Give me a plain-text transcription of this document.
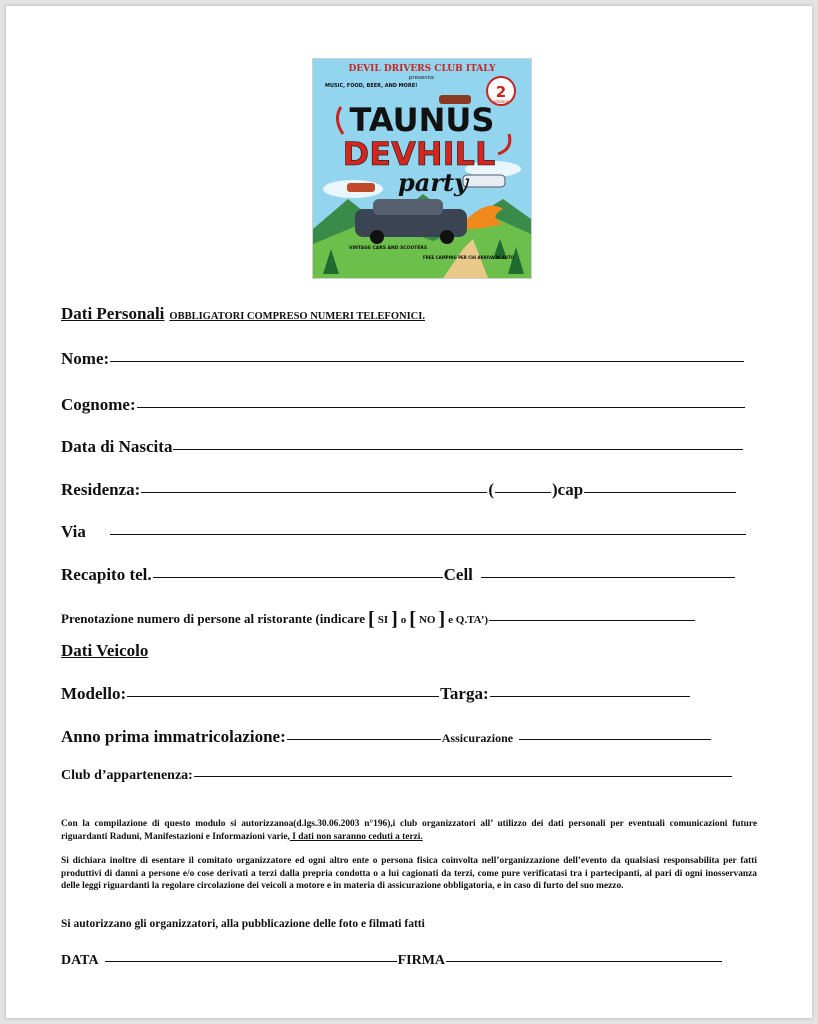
2
edizione
DEVIL DRIVERS CLUB ITALY
presenta:
MUSIC, FOOD, BEER, AND MORE!
TAUNUS
DEVHILL
party
VINTAGE CARS AND SCOOTERS
FREE CAMPING PER CHI ARRIVA IN AUTO
Dati Personali OBBLIGATORI COMPRESO NUMERI TELEFONICI.
Nome:
Cognome:
Data di Nascita
Residenza:	(	)cap
Via
Recapito tel.	Cell
Prenotazione numero di persone al ristorante (indicare [ SI ] o [ NO ] e Q.TA’)
Dati Veicolo
Modello:	Targa:
Anno prima immatricolazione:	Assicurazione
Club d’appartenenza:
Con la compilazione di questo modulo si autorizzanoa(d.lgs.30.06.2003 n°196),i club organizzatori all’ utilizzo dei dati personali per eventuali comunicazioni future riguardanti Raduni, Manifestazioni e Informazioni varie, I dati non saranno ceduti a terzi.
Si dichiara inoltre di esentare il comitato organizzatore ed ogni altro ente o persona fisica coinvolta nell’organizzazione dell’evento da qualsiasi responsabilita per fatti produttivi di danni a persone e/o cose derivati a terzi dalla prepria condotta o a lui cagionati da terzi, come pure verificatasi tra i partecipanti, al pari di ogni inosservanza delle leggi riguardanti la regolare circolazione dei veicoli a motore e in materia di assicurazione obbligatoria, e in caso di furto del suo mezzo.
Si autorizzano gli organizzatori, alla pubblicazione delle foto e filmati fatti
DATA	FIRMA
